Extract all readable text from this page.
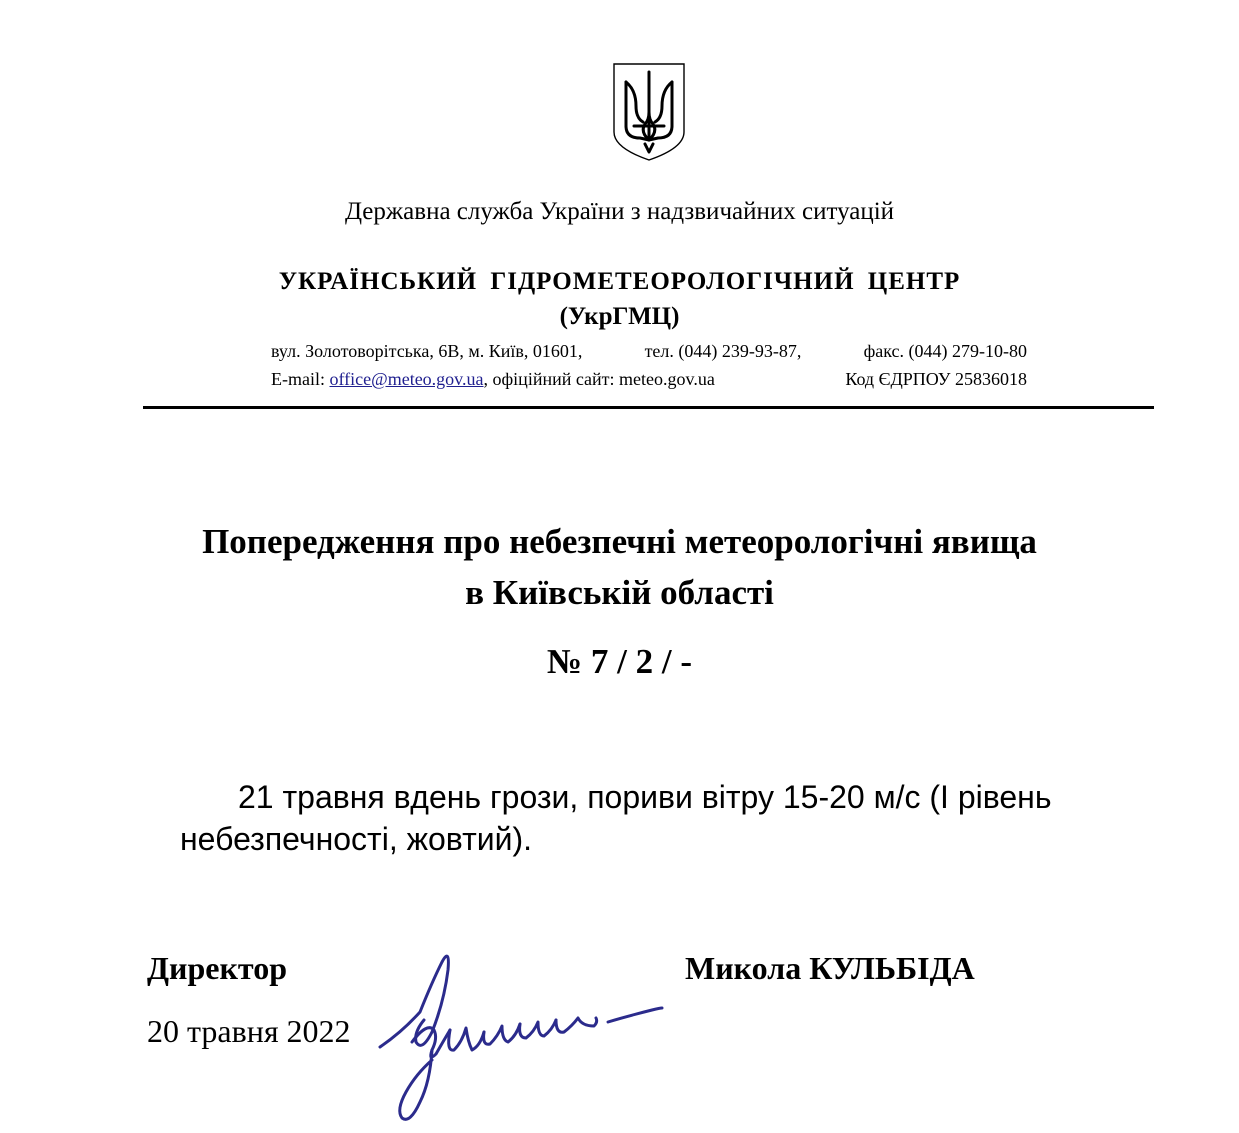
Державна служба України з надзвичайних ситуацій
УКРАЇНСЬКИЙ ГІДРОМЕТЕОРОЛОГІЧНИЙ ЦЕНТР
(УкрГМЦ)
вул. Золотоворітська, 6В, м. Київ, 01601,	тел. (044) 239-93-87,	факс. (044) 279-10-80
E-mail: office@meteo.gov.ua, офіційний сайт: meteo.gov.ua	Код ЄДРПОУ 25836018
Попередження про небезпечні метеорологічні явища
в Київській області
№ 7 / 2 / -
21 травня вдень грози, пориви вітру 15-20 м/с (І рівень
небезпечності, жовтий).
Директор	Микола КУЛЬБІДА
20 травня 2022
